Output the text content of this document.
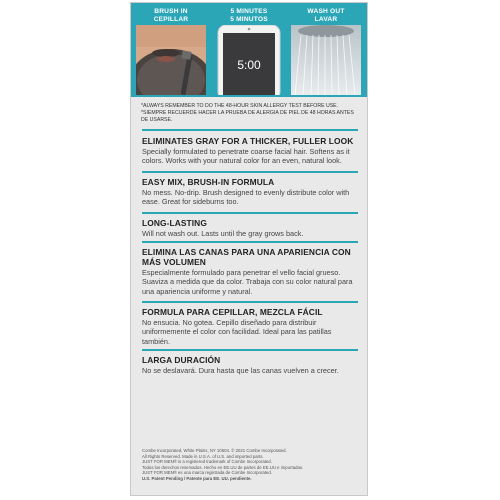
BRUSH IN
CEPILLAR
5 MINUTES
5 MINUTOS
WASH OUT
LAVAR
5:00
*ALWAYS REMEMBER TO DO THE 48-HOUR SKIN ALLERGY TEST BEFORE USE.
*SIEMPRE RECUERDE HACER LA PRUEBA DE ALERGIA DE PIEL DE 48 HORAS ANTES DE USARSE.
ELIMINATES GRAY FOR A THICKER, FULLER LOOK
Specially formulated to penetrate coarse facial hair. Softens as it colors. Works with your natural color for an even, natural look.
EASY MIX, BRUSH-IN FORMULA
No mess. No-drip. Brush designed to evenly distribute color with ease. Great for sideburns too.
LONG-LASTING
Will not wash out. Lasts until the gray grows back.
ELIMINA LAS CANAS PARA UNA APARIENCIA CON MÁS VOLUMEN
Especialmente formulado para penetrar el vello facial grueso. Suaviza a medida que da color. Trabaja con su color natural para una apariencia uniforme y natural.
FORMULA PARA CEPILLAR, MEZCLA FÁCIL
No ensucia. No gotea. Cepillo diseñado para distribuir uniformemente el color con facilidad. Ideal para las patillas también.
LARGA DURACIÓN
No se deslavará. Dura hasta que las canas vuelven a crecer.
Combe Incorporated, White Plains, NY 10604. © 2021 Combe Incorporated.
All Rights Reserved. Made in U.S.A. of U.S. and imported parts.
JUST FOR MEN® is a registered trademark of Combe Incorporated.
Todos los derechos reservados. Hecho en EE.UU de partes de EE.UU e importadas.
JUST FOR MEN® es una marca registrada de Combe Incorporated.
U.S. Patent Pending / Patente para EE. UU. pendiente.
